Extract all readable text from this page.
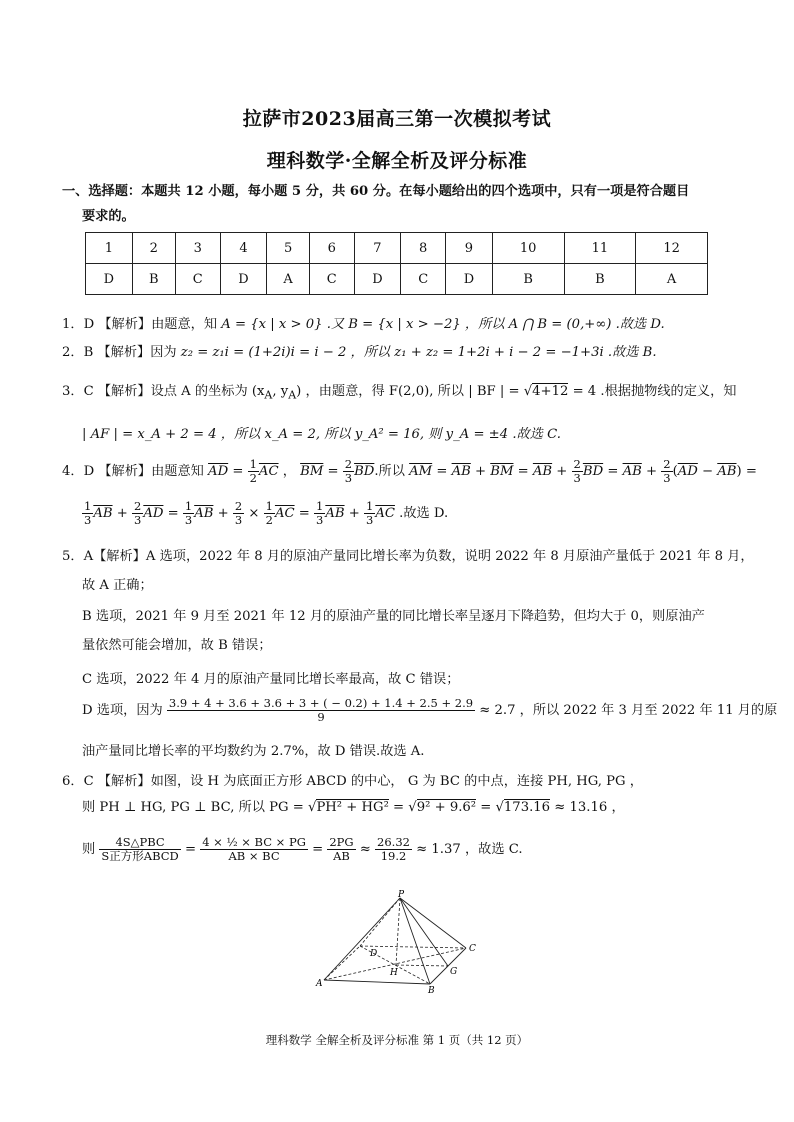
拉萨市2023届高三第一次模拟考试
理科数学·全解全析及评分标准
一、选择题：本题共 12 小题，每小题 5 分，共 60 分。在每小题给出的四个选项中，只有一项是符合题目
要求的。
1	2	3	4	5	6	7	8	9	10	11	12
D	B	C	D	A	C	D	C	D	B	B	A
1．D 【解析】由题意，知 A = {x | x > 0} .又 B = {x | x > −2} ，所以 A ⋂ B = (0,+∞) .故选 D.
2．B 【解析】因为 z₂ = z₁i = (1+2i)i = i − 2 ，所以 z₁ + z₂ = 1+2i + i − 2 = −1+3i .故选 B.
3．C 【解析】设点 A 的坐标为 ($x_A$, $y_A$) ，由题意，得 F(2,0), 所以 | BF | = √4+12 = 4 .根据抛物线的定义，知
| AF | = x_A + 2 = 4 ，所以 x_A = 2, 所以 y_A² = 16, 则 y_A = ±4 .故选 C.
4．D 【解析】由题意知 $\overline{AD} = \frac{1}{2} \overline{AC}$ ， $\overline{BM} = \frac{2}{3} \overline{BD}$.所以 $\overline{AM} = \overline{AB} + \overline{BM} = \overline{AB} + \frac{2}{3} \overline{BD} = \overline{AB} + \frac{2}{3} (\overline{AD} - \overline{AB})$ =
$\frac{1}{3} \overline{AB} + \frac{2}{3} \overline{AD} = \frac{1}{3} \overline{AB} + \frac{2}{3} \times \frac{1}{2} \overline{AC} = \frac{1}{3} \overline{AB} + \frac{1}{3} \overline{AC}$ .故选 D.
5．A【解析】A 选项，2022 年 8 月的原油产量同比增长率为负数，说明 2022 年 8 月原油产量低于 2021 年 8 月，
故 A 正确；
B 选项，2021 年 9 月至 2021 年 12 月的原油产量的同比增长率呈逐月下降趋势，但均大于 0，则原油产
量依然可能会增加，故 B 错误；
C 选项，2022 年 4 月的原油产量同比增长率最高，故 C 错误；
D 选项，因为 $\frac{3.9 + 4 + 3.6 + 3.6 + 3 + ( - 0.2) + 1.4 + 2.5 + 2.9}{9} \approx 2.7$ ，所以 2022 年 3 月至 2022 年 11 月的原
油产量同比增长率的平均数约为 2.7%，故 D 错误.故选 A.
6．C 【解析】如图，设 H 为底面正方形 ABCD 的中心， G 为 BC 的中点，连接 PH, HG, PG ，
则 PH ⊥ HG, PG ⊥ BC, 所以 PG = √PH² + HG² = √9² + 9.6² = √173.16 ≈ 13.16 ，
则 $\frac{\text{4S△PBC}}{\text{S正方形ABCD}} = \frac{\text{4 × ½ × BC × PG}}{AB \times BC} = \frac{2PG}{AB} \approx \frac{26.32}{19.2} \approx 1.37$ ，故选 C.
P
A
B
C
D
H	G
理科数学 全解全析及评分标准 第 1 页（共 12 页）
